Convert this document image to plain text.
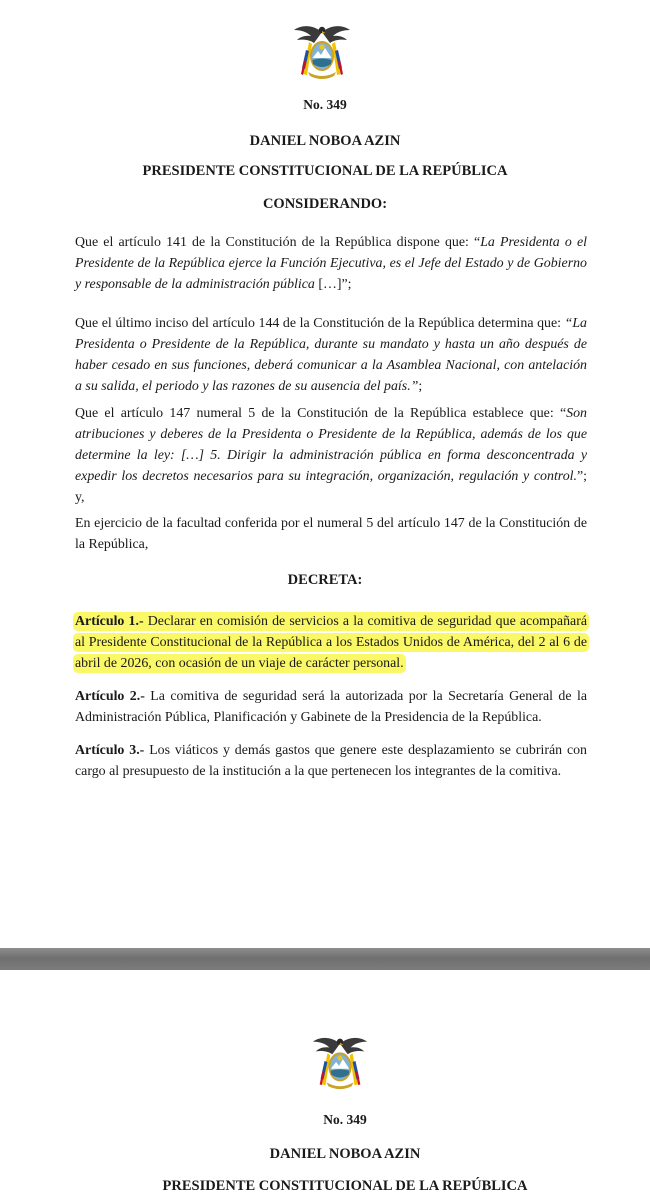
No. 349
DANIEL NOBOA AZIN
PRESIDENTE CONSTITUCIONAL DE LA REPÚBLICA
CONSIDERANDO:
Que el artículo 141 de la Constitución de la República dispone que: “La Presidenta o el Presidente de la República ejerce la Función Ejecutiva, es el Jefe del Estado y de Gobierno y responsable de la administración pública […]”;
Que el último inciso del artículo 144 de la Constitución de la República determina que: “La Presidenta o Presidente de la República, durante su mandato y hasta un año después de haber cesado en sus funciones, deberá comunicar a la Asamblea Nacional, con antelación a su salida, el periodo y las razones de su ausencia del país.”;
Que el artículo 147 numeral 5 de la Constitución de la República establece que: “Son atribuciones y deberes de la Presidenta o Presidente de la República, además de los que determine la ley: […] 5. Dirigir la administración pública en forma desconcentrada y expedir los decretos necesarios para su integración, organización, regulación y control.”; y,
En ejercicio de la facultad conferida por el numeral 5 del artículo 147 de la Constitución de la República,
DECRETA:
Artículo 1.- Declarar en comisión de servicios a la comitiva de seguridad que acompañará al Presidente Constitucional de la República a los Estados Unidos de América, del 2 al 6 de abril de 2026, con ocasión de un viaje de carácter personal.
Artículo 2.- La comitiva de seguridad será la autorizada por la Secretaría General de la Administración Pública, Planificación y Gabinete de la Presidencia de la República.
Artículo 3.- Los viáticos y demás gastos que genere este desplazamiento se cubrirán con cargo al presupuesto de la institución a la que pertenecen los integrantes de la comitiva.
No. 349
DANIEL NOBOA AZIN
PRESIDENTE CONSTITUCIONAL DE LA REPÚBLICA
